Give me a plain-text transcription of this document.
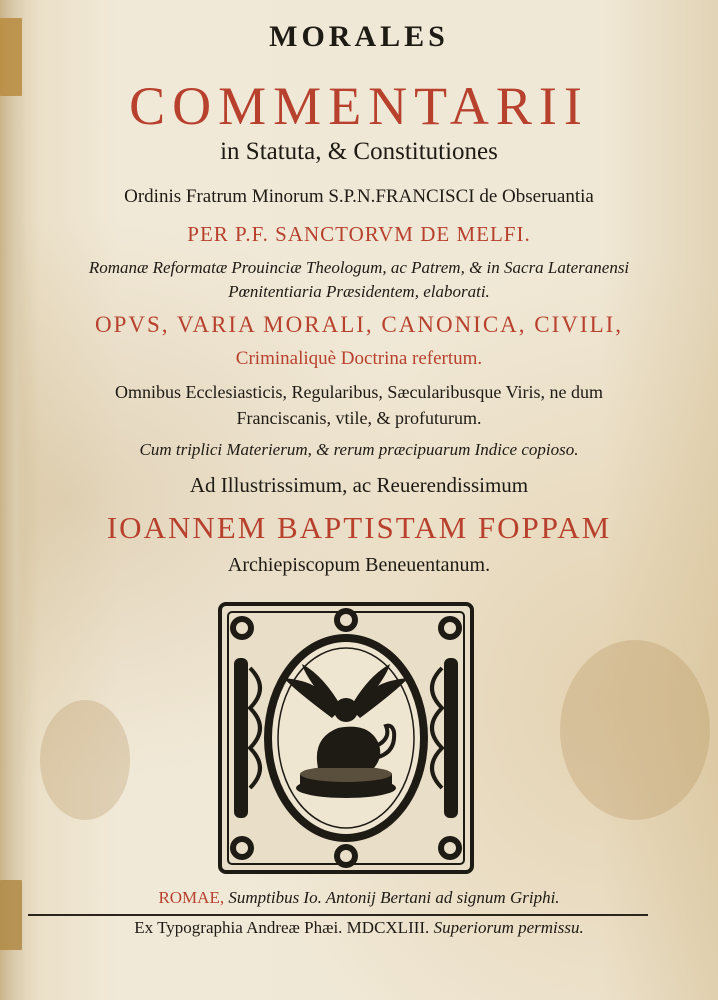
MORALES
COMMENTARII
in Statuta, & Constitutiones
Ordinis Fratrum Minorum S.P.N.FRANCISCI de Obseruantia
PER P.F. SANCTORVM DE MELFI.
Romanæ Reformatæ Prouinciæ Theologum, ac Patrem, & in Sacra Lateranensi
Pœnitentiaria Præsidentem, elaborati.
OPVS, VARIA MORALI, CANONICA, CIVILI,
Criminaliquè Doctrina refertum.
Omnibus Ecclesiasticis, Regularibus, Sæcularibusque Viris, ne dum
Franciscanis, vtile, & profuturum.
Cum triplici Materierum, & rerum præcipuarum Indice copioso.
Ad Illustrissimum, ac Reuerendissimum
IOANNEM BAPTISTAM FOPPAM
Archiepiscopum Beneuentanum.
ROMAE, Sumptibus Io. Antonij Bertani ad signum Griphi.
Ex Typographia Andreæ Phæi. MDCXLIII. Superiorum permissu.
